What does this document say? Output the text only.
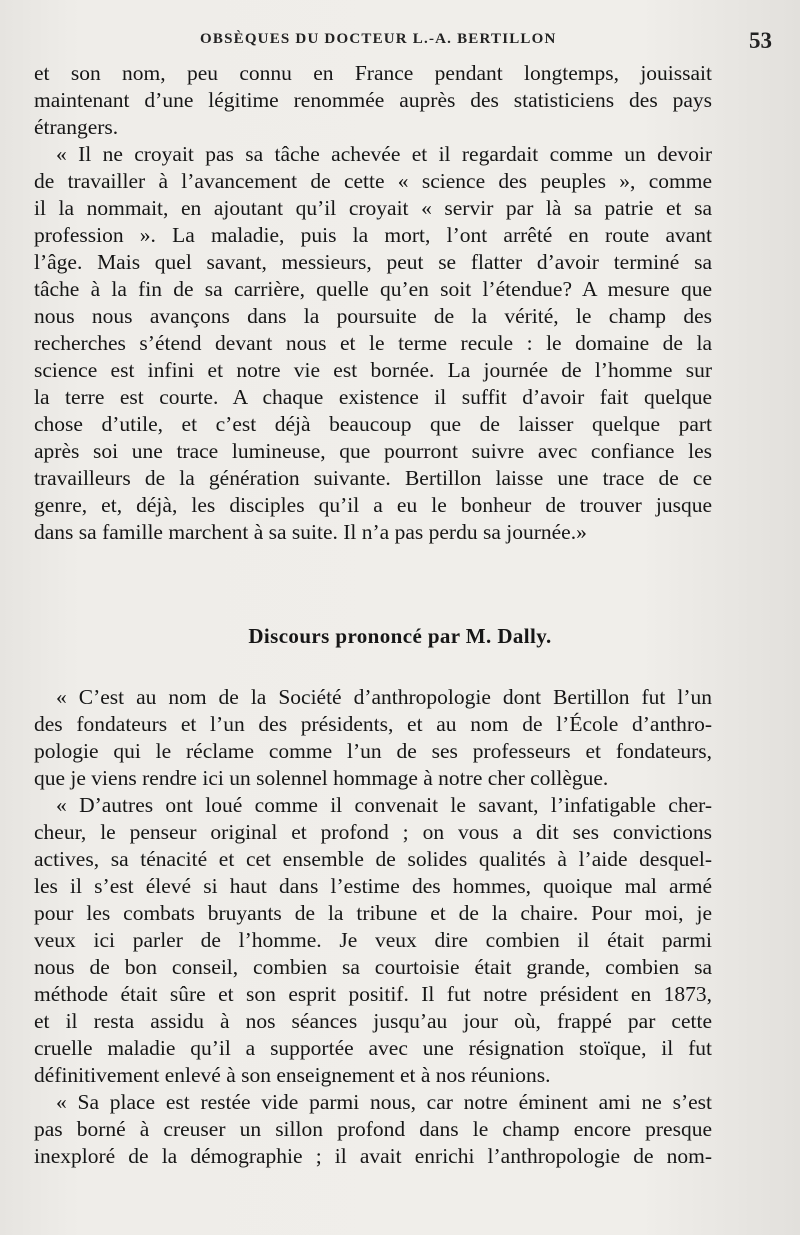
OBSÈQUES DU DOCTEUR L.-A. BERTILLON	53
et son nom, peu connu en France pendant longtemps, jouissait
maintenant d’une légitime renommée auprès des statisticiens des pays
étrangers.
« Il ne croyait pas sa tâche achevée et il regardait comme un devoir
de travailler à l’avancement de cette « science des peuples », comme
il la nommait, en ajoutant qu’il croyait « servir par là sa patrie et sa
profession ». La maladie, puis la mort, l’ont arrêté en route avant
l’âge. Mais quel savant, messieurs, peut se flatter d’avoir terminé sa
tâche à la fin de sa carrière, quelle qu’en soit l’étendue? A mesure que
nous nous avançons dans la poursuite de la vérité, le champ des
recherches s’étend devant nous et le terme recule : le domaine de la
science est infini et notre vie est bornée. La journée de l’homme sur
la terre est courte. A chaque existence il suffit d’avoir fait quelque
chose d’utile, et c’est déjà beaucoup que de laisser quelque part
après soi une trace lumineuse, que pourront suivre avec confiance les
travailleurs de la génération suivante. Bertillon laisse une trace de ce
genre, et, déjà, les disciples qu’il a eu le bonheur de trouver jusque
dans sa famille marchent à sa suite. Il n’a pas perdu sa journée.»
Discours prononcé par M. Dally.
« C’est au nom de la Société d’anthropologie dont Bertillon fut l’un
des fondateurs et l’un des présidents, et au nom de l’École d’anthro-
pologie qui le réclame comme l’un de ses professeurs et fondateurs,
que je viens rendre ici un solennel hommage à notre cher collègue.
« D’autres ont loué comme il convenait le savant, l’infatigable cher-
cheur, le penseur original et profond ; on vous a dit ses convictions
actives, sa ténacité et cet ensemble de solides qualités à l’aide desquel-
les il s’est élevé si haut dans l’estime des hommes, quoique mal armé
pour les combats bruyants de la tribune et de la chaire. Pour moi, je
veux ici parler de l’homme. Je veux dire combien il était parmi
nous de bon conseil, combien sa courtoisie était grande, combien sa
méthode était sûre et son esprit positif. Il fut notre président en 1873,
et il resta assidu à nos séances jusqu’au jour où, frappé par cette
cruelle maladie qu’il a supportée avec une résignation stoïque, il fut
définitivement enlevé à son enseignement et à nos réunions.
« Sa place est restée vide parmi nous, car notre éminent ami ne s’est
pas borné à creuser un sillon profond dans le champ encore presque
inexploré de la démographie ; il avait enrichi l’anthropologie de nom-
